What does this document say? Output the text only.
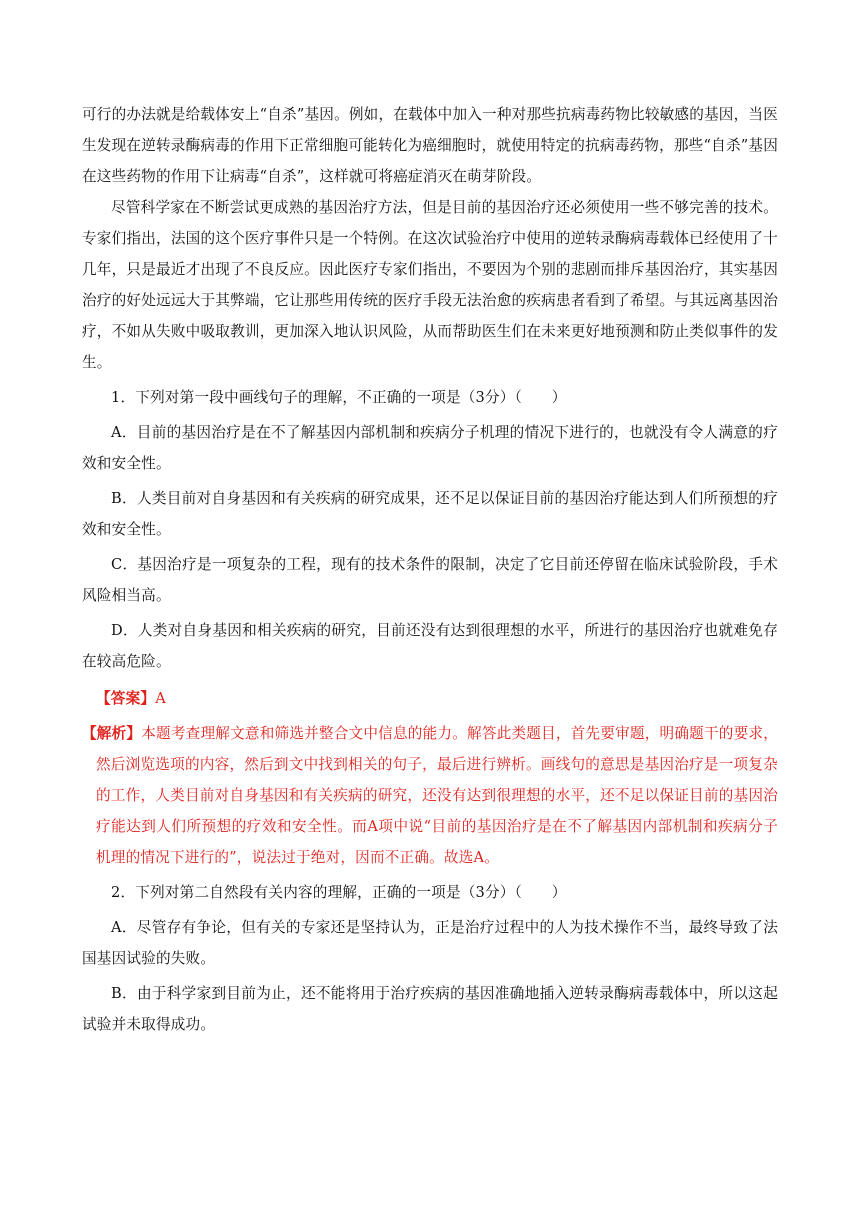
可行的办法就是给载体安上“自杀”基因。例如，在载体中加入一种对那些抗病毒药物比较敏感的基因，当医生发现在逆转录酶病毒的作用下正常细胞可能转化为癌细胞时，就使用特定的抗病毒药物，那些“自杀”基因在这些药物的作用下让病毒“自杀”，这样就可将癌症消灭在萌芽阶段。

尽管科学家在不断尝试更成熟的基因治疗方法，但是目前的基因治疗还必须使用一些不够完善的技术。专家们指出，法国的这个医疗事件只是一个特例。在这次试验治疗中使用的逆转录酶病毒载体已经使用了十几年，只是最近才出现了不良反应。因此医疗专家们指出，不要因为个别的悲剧而排斥基因治疗，其实基因治疗的好处远远大于其弊端，它让那些用传统的医疗手段无法治愈的疾病患者看到了希望。与其远离基因治疗，不如从失败中吸取教训，更加深入地认识风险，从而帮助医生们在未来更好地预测和防止类似事件的发生。

1．下列对第一段中画线句子的理解，不正确的一项是（3分）（　　）

A．目前的基因治疗是在不了解基因内部机制和疾病分子机理的情况下进行的，也就没有令人满意的疗效和安全性。

B．人类目前对自身基因和有关疾病的研究成果，还不足以保证目前的基因治疗能达到人们所预想的疗效和安全性。

C．基因治疗是一项复杂的工程，现有的技术条件的限制，决定了它目前还停留在临床试验阶段，手术风险相当高。

D．人类对自身基因和相关疾病的研究，目前还没有达到很理想的水平，所进行的基因治疗也就难免存在较高危险。

【答案】A

【解析】本题考查理解文意和筛选并整合文中信息的能力。解答此类题目，首先要审题，明确题干的要求，然后浏览选项的内容，然后到文中找到相关的句子，最后进行辨析。画线句的意思是基因治疗是一项复杂的工作，人类目前对自身基因和有关疾病的研究，还没有达到很理想的水平，还不足以保证目前的基因治疗能达到人们所预想的疗效和安全性。而A项中说“目前的基因治疗是在不了解基因内部机制和疾病分子机理的情况下进行的”，说法过于绝对，因而不正确。故选A。

2．下列对第二自然段有关内容的理解，正确的一项是（3分）（　　）

A．尽管存有争论，但有关的专家还是坚持认为，正是治疗过程中的人为技术操作不当，最终导致了法国基因试验的失败。

B．由于科学家到目前为止，还不能将用于治疗疾病的基因准确地插入逆转录酶病毒载体中，所以这起试验并未取得成功。
